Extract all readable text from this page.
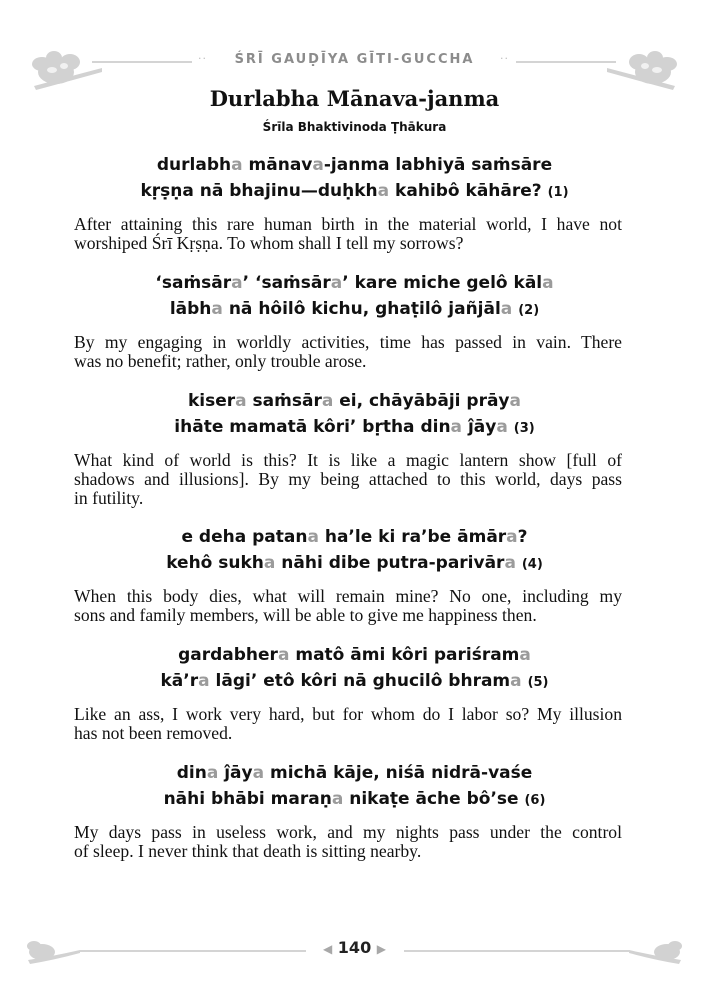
··	··
ŚRĪ GAUḌĪYA GĪTI-GUCCHA
Durlabha Mānava-janma
Śrīla Bhaktivinoda Ṭhākura
durlabha mānava-janma labhiyā saṁsāre
kṛṣṇa nā bhajinu—duḥkha kahibô kāhāre? (1)
After attaining this rare human birth in the material world, I have not
worshiped Śrī Kṛṣṇa. To whom shall I tell my sorrows?
‘saṁsāra’ ‘saṁsāra’ kare miche gelô kāla
lābha nā hôilô kichu, ghaṭilô jañjāla (2)
By my engaging in worldly activities, time has passed in vain. There
was no benefit; rather, only trouble arose.
kisera saṁsāra ei, chāyābāji prāya
ihāte mamatā kôri’ bṛtha dina ĵāya (3)
What kind of world is this? It is like a magic lantern show [full of
shadows and illusions]. By my being attached to this world, days pass
in futility.
e deha patana ha’le ki ra’be āmāra?
kehô sukha nāhi dibe putra-parivāra (4)
When this body dies, what will remain mine? No one, including my
sons and family members, will be able to give me happiness then.
gardabhera matô āmi kôri pariśrama
kā’ra lāgi’ etô kôri nā ghucilô bhrama (5)
Like an ass, I work very hard, but for whom do I labor so? My illusion
has not been removed.
dina ĵāya michā kāje, niśā nidrā-vaśe
nāhi bhābi maraṇa nikaṭe āche bô’se (6)
My days pass in useless work, and my nights pass under the control
of sleep. I never think that death is sitting nearby.
◀ 140 ▶
